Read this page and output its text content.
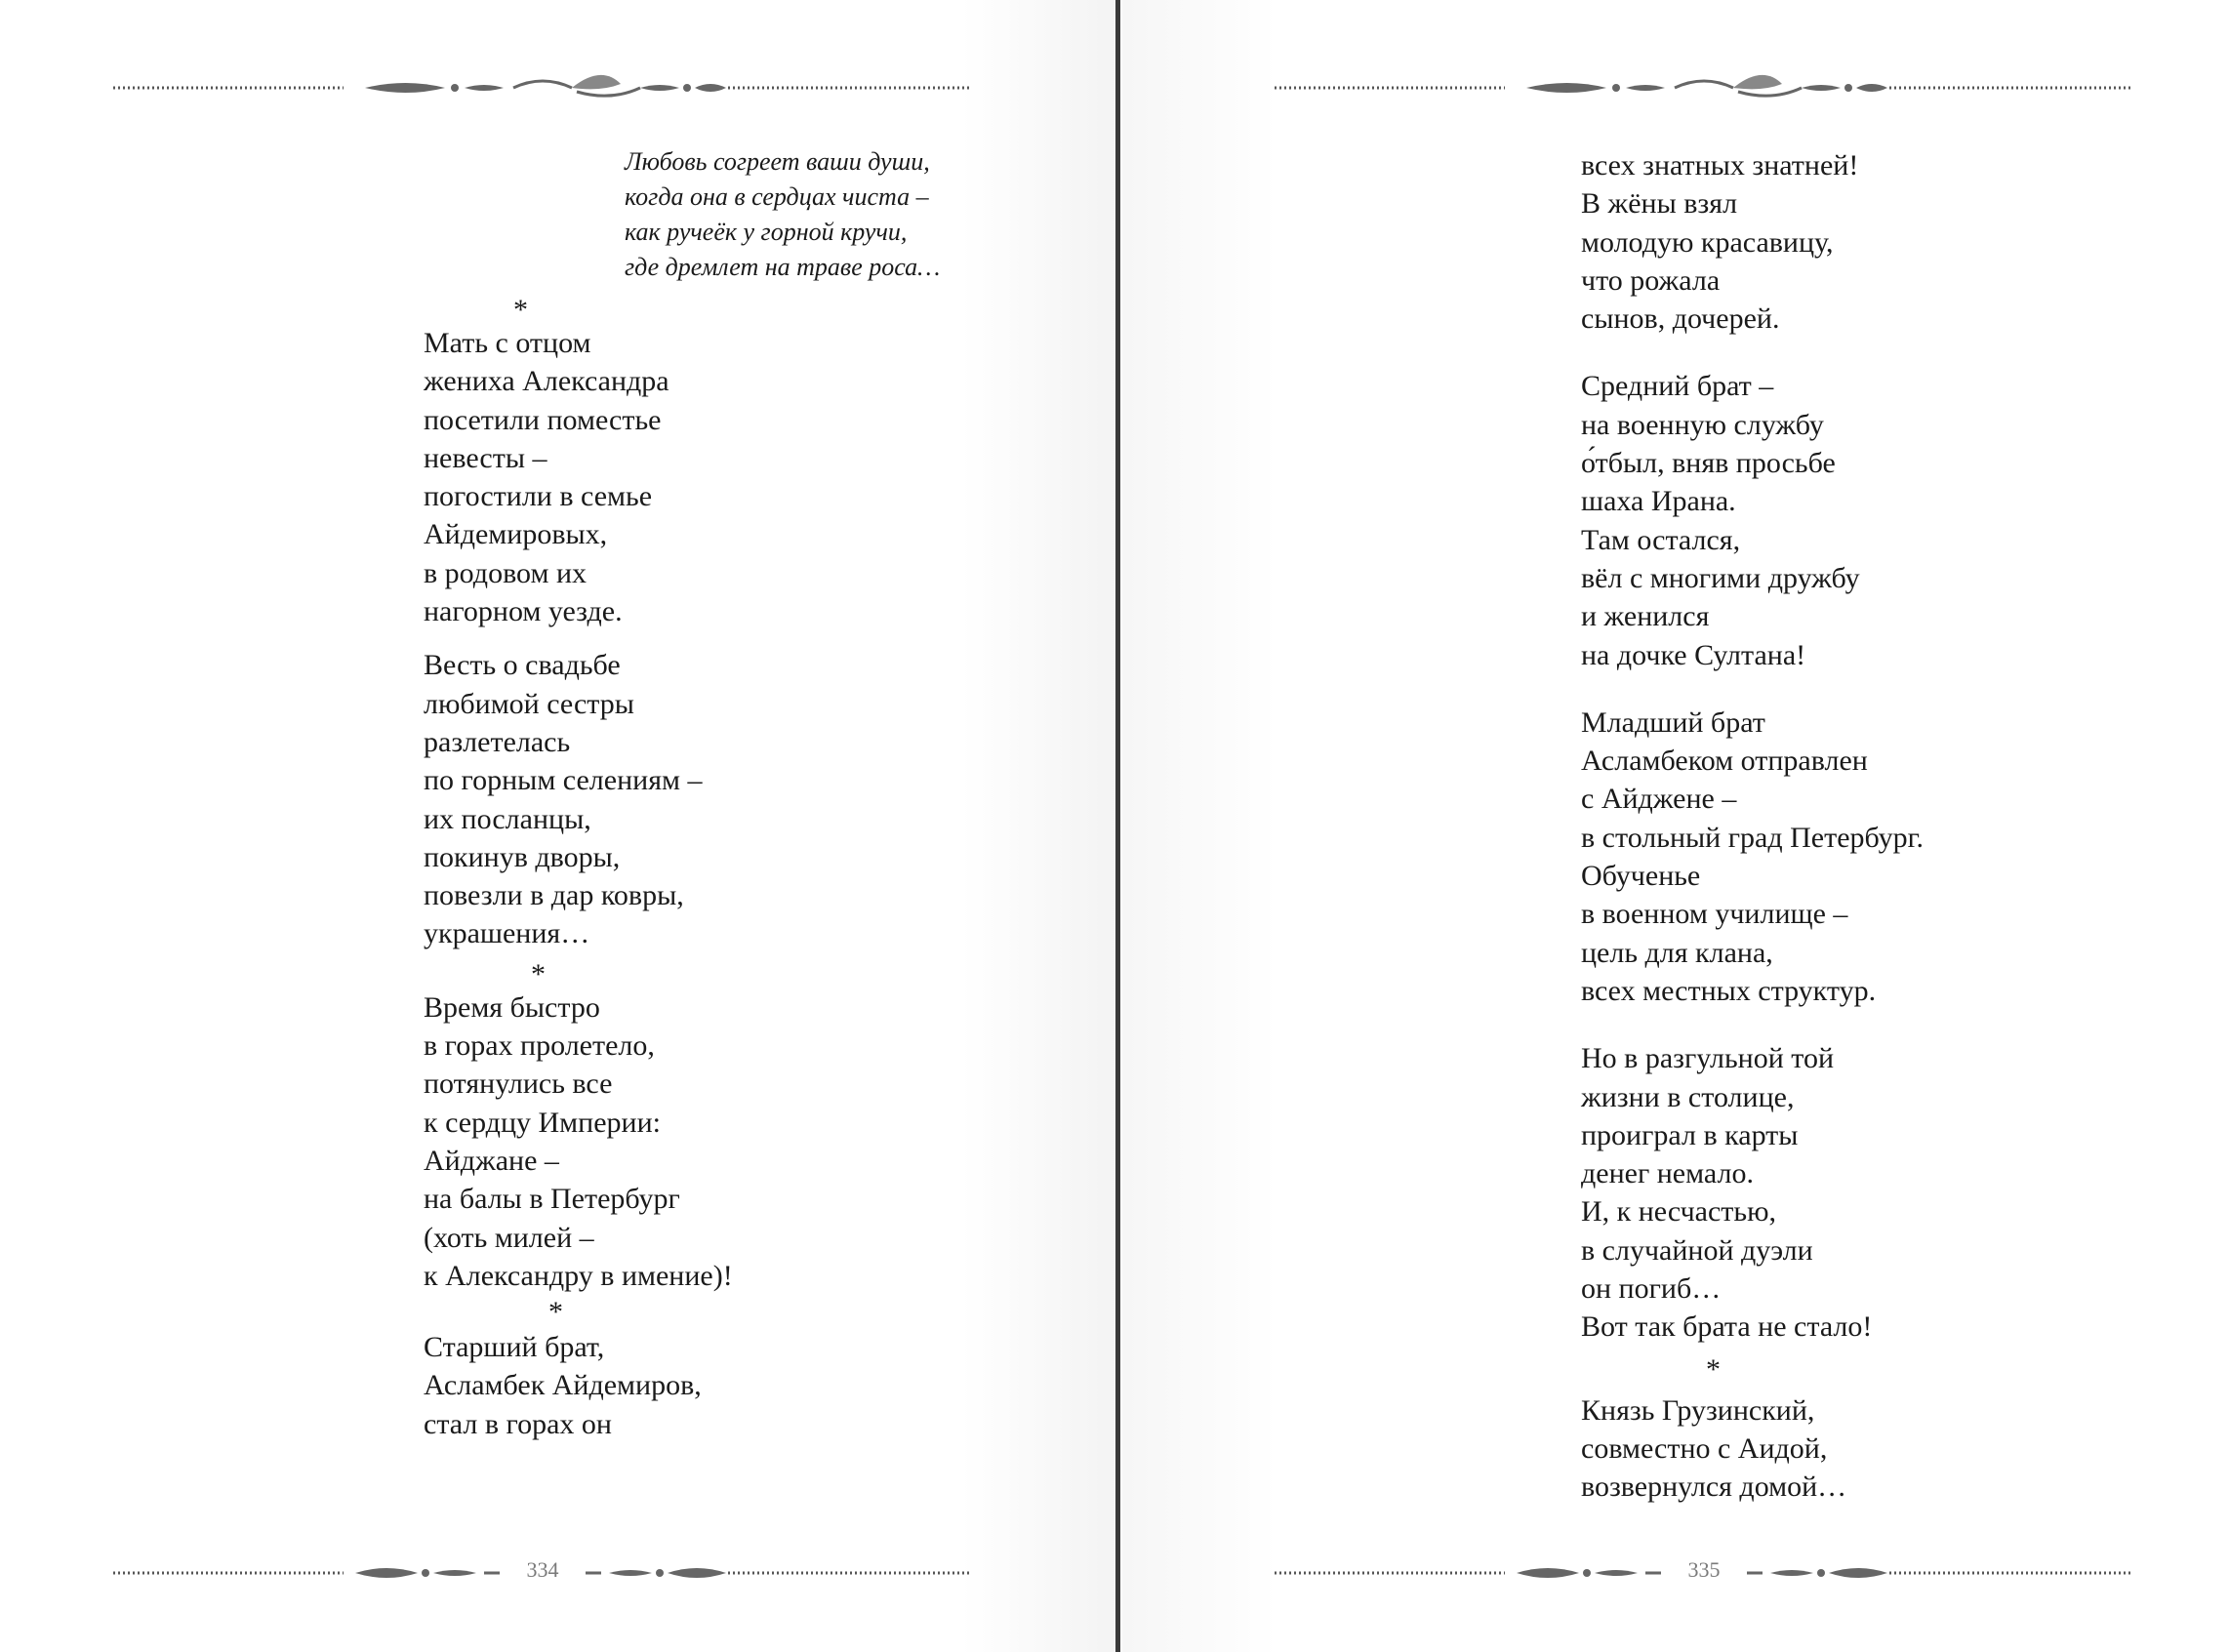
Любовь согреет ваши души,
когда она в сердцах чиста –
как ручеёк у горной кручи,
где дремлет на траве роса…
*
Мать с отцом
жениха Александра
посетили поместье
невесты –
погостили в семье
Айдемировых,
в родовом их
нагорном уезде.
Весть о свадьбе
любимой сестры
разлетелась
по горным селениям –
их посланцы,
покинув дворы,
повезли в дар ковры,
украшения…
*
Время быстро
в горах пролетело,
потянулись все
к сердцу Империи:
Айджане –
на балы в Петербург
(хоть милей –
к Александру в имение)!
*
Старший брат,
Асламбек Айдемиров,
стал в горах он
всех знатных знатней!
В жёны взял
молодую красавицу,
что рожала
сынов, дочерей.
Средний брат –
на военную службу
о́тбыл, вняв просьбе
шаха Ирана.
Там остался,
вёл с многими дружбу
и женился
на дочке Султана!
Младший брат
Асламбеком отправлен
с Айджене –
в стольный град Петербург.
Обученье
в военном училище –
цель для клана,
всех местных структур.
Но в разгульной той
жизни в столице,
проиграл в карты
денег немало.
И, к несчастью,
в случайной дуэли
он погиб…
Вот так брата не стало!
*
Князь Грузинский,
совместно с Аидой,
возвернулся домой…
334	335
